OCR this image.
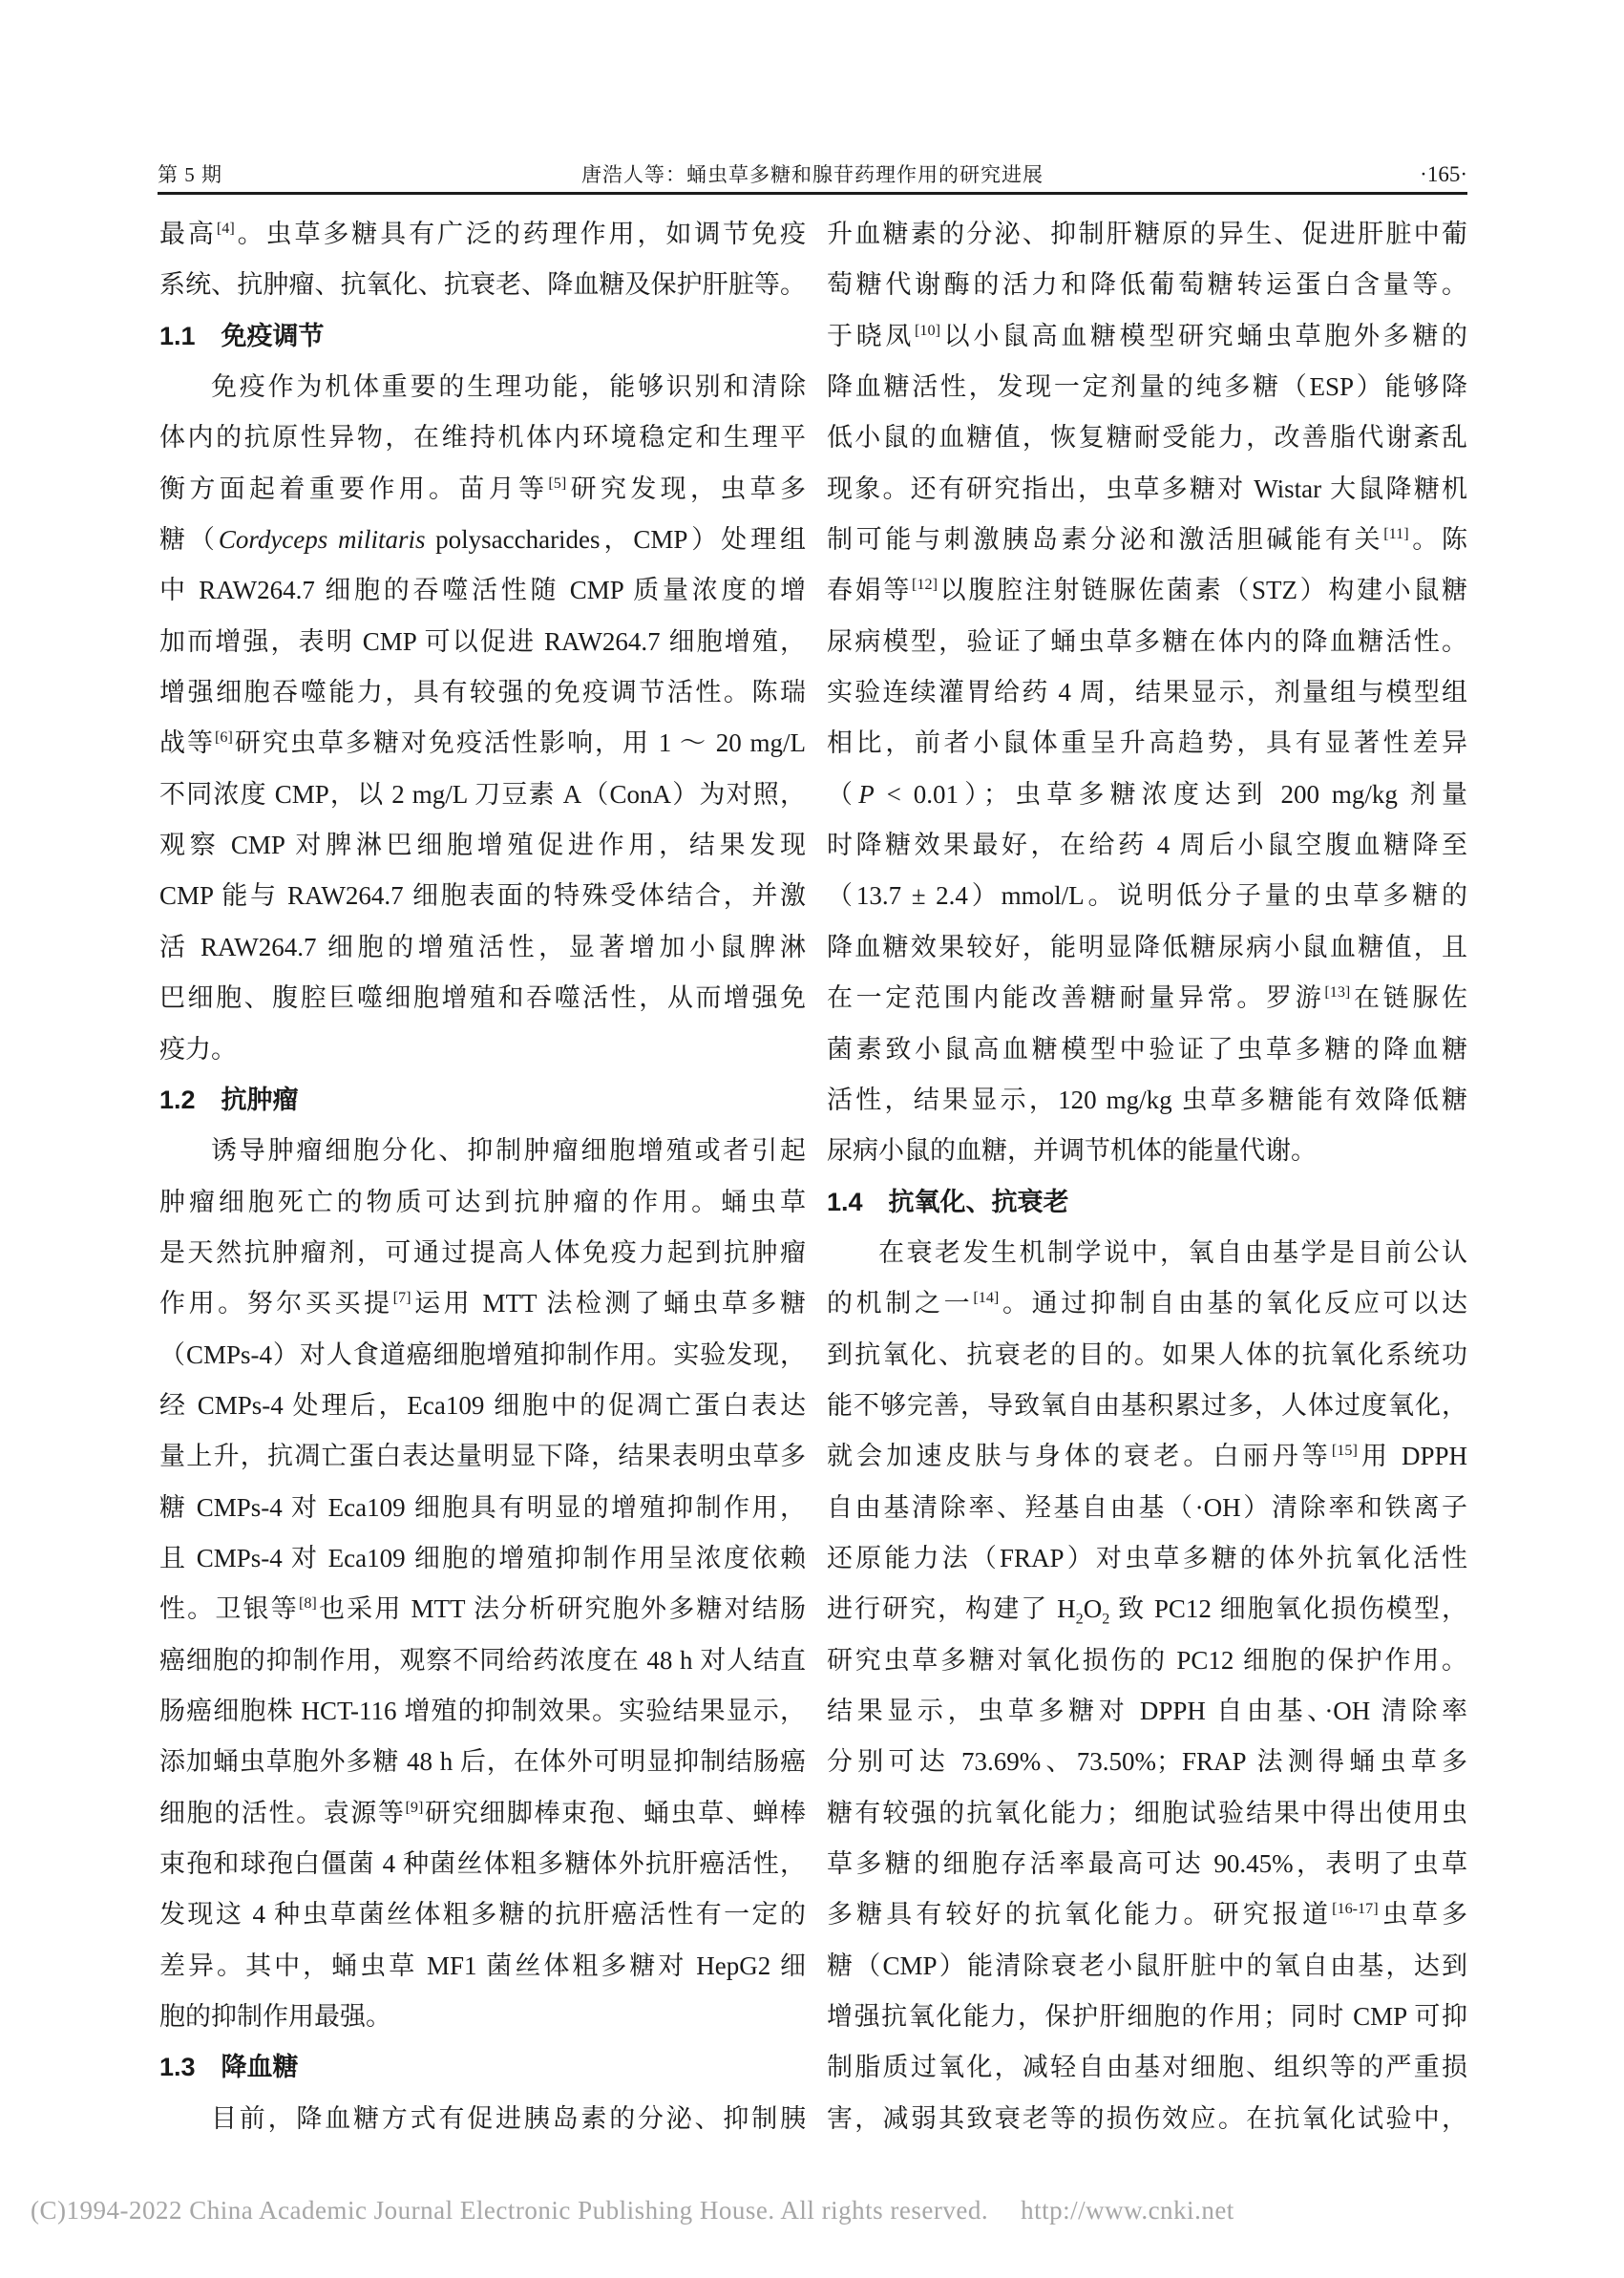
第 5 期	唐浩人等：蛹虫草多糖和腺苷药理作用的研究进展	·165·
最高[4]。虫草多糖具有广泛的药理作用，如调节免疫
系统、抗肿瘤、抗氧化、抗衰老、降血糖及保护肝脏等。
1.1　免疫调节
免疫作为机体重要的生理功能，能够识别和清除
体内的抗原性异物，在维持机体内环境稳定和生理平
衡方面起着重要作用。苗月等[5]研究发现，虫草多
糖（Cordyceps militaris polysaccharides，CMP）处理组
中 RAW264.7 细胞的吞噬活性随 CMP 质量浓度的增
加而增强，表明 CMP 可以促进 RAW264.7 细胞增殖，
增强细胞吞噬能力，具有较强的免疫调节活性。陈瑞
战等[6]研究虫草多糖对免疫活性影响，用 1 ～ 20 mg/L
不同浓度 CMP，以 2 mg/L 刀豆素 A（ConA）为对照，
观察 CMP 对脾淋巴细胞增殖促进作用，结果发现
CMP 能与 RAW264.7 细胞表面的特殊受体结合，并激
活 RAW264.7 细胞的增殖活性，显著增加小鼠脾淋
巴细胞、腹腔巨噬细胞增殖和吞噬活性，从而增强免
疫力。
1.2　抗肿瘤
诱导肿瘤细胞分化、抑制肿瘤细胞增殖或者引起
肿瘤细胞死亡的物质可达到抗肿瘤的作用。蛹虫草
是天然抗肿瘤剂，可通过提高人体免疫力起到抗肿瘤
作用。努尔买买提[7]运用 MTT 法检测了蛹虫草多糖
（CMPs-4）对人食道癌细胞增殖抑制作用。实验发现，
经 CMPs-4 处理后，Eca109 细胞中的促凋亡蛋白表达
量上升，抗凋亡蛋白表达量明显下降，结果表明虫草多
糖 CMPs-4 对 Eca109 细胞具有明显的增殖抑制作用，
且 CMPs-4 对 Eca109 细胞的增殖抑制作用呈浓度依赖
性。卫银等[8]也采用 MTT 法分析研究胞外多糖对结肠
癌细胞的抑制作用，观察不同给药浓度在 48 h 对人结直
肠癌细胞株 HCT-116 增殖的抑制效果。实验结果显示，
添加蛹虫草胞外多糖 48 h 后，在体外可明显抑制结肠癌
细胞的活性。袁源等[9]研究细脚棒束孢、蛹虫草、蝉棒
束孢和球孢白僵菌 4 种菌丝体粗多糖体外抗肝癌活性，
发现这 4 种虫草菌丝体粗多糖的抗肝癌活性有一定的
差异。其中，蛹虫草 MF1 菌丝体粗多糖对 HepG2 细
胞的抑制作用最强。
1.3　降血糖
目前，降血糖方式有促进胰岛素的分泌、抑制胰
升血糖素的分泌、抑制肝糖原的异生、促进肝脏中葡
萄糖代谢酶的活力和降低葡萄糖转运蛋白含量等。
于晓凤[10]以小鼠高血糖模型研究蛹虫草胞外多糖的
降血糖活性，发现一定剂量的纯多糖（ESP）能够降
低小鼠的血糖值，恢复糖耐受能力，改善脂代谢紊乱
现象。还有研究指出，虫草多糖对 Wistar 大鼠降糖机
制可能与刺激胰岛素分泌和激活胆碱能有关[11]。陈
春娟等[12]以腹腔注射链脲佐菌素（STZ）构建小鼠糖
尿病模型，验证了蛹虫草多糖在体内的降血糖活性。
实验连续灌胃给药 4 周，结果显示，剂量组与模型组
相比，前者小鼠体重呈升高趋势，具有显著性差异
（P < 0.01）；虫草多糖浓度达到 200 mg/kg 剂量
时降糖效果最好，在给药 4 周后小鼠空腹血糖降至
（13.7 ± 2.4）mmol/L。说明低分子量的虫草多糖的
降血糖效果较好，能明显降低糖尿病小鼠血糖值，且
在一定范围内能改善糖耐量异常。罗游[13]在链脲佐
菌素致小鼠高血糖模型中验证了虫草多糖的降血糖
活性，结果显示，120 mg/kg 虫草多糖能有效降低糖
尿病小鼠的血糖，并调节机体的能量代谢。
1.4　抗氧化、抗衰老
在衰老发生机制学说中，氧自由基学是目前公认
的机制之一[14]。通过抑制自由基的氧化反应可以达
到抗氧化、抗衰老的目的。如果人体的抗氧化系统功
能不够完善，导致氧自由基积累过多，人体过度氧化，
就会加速皮肤与身体的衰老。白丽丹等[15]用 DPPH
自由基清除率、羟基自由基（·OH）清除率和铁离子
还原能力法（FRAP）对虫草多糖的体外抗氧化活性
进行研究，构建了 $H_2O_2$ 致 PC12 细胞氧化损伤模型，
研究虫草多糖对氧化损伤的 PC12 细胞的保护作用。
结果显示，虫草多糖对 DPPH 自由基、·OH 清除率
分别可达 73.69%、73.50%；FRAP 法测得蛹虫草多
糖有较强的抗氧化能力；细胞试验结果中得出使用虫
草多糖的细胞存活率最高可达 90.45%，表明了虫草
多糖具有较好的抗氧化能力。研究报道[16-17]虫草多
糖（CMP）能清除衰老小鼠肝脏中的氧自由基，达到
增强抗氧化能力，保护肝细胞的作用；同时 CMP 可抑
制脂质过氧化，减轻自由基对细胞、组织等的严重损
害，减弱其致衰老等的损伤效应。在抗氧化试验中，
(C)1994-2022 China Academic Journal Electronic Publishing House. All rights reserved. http://www.cnki.net
